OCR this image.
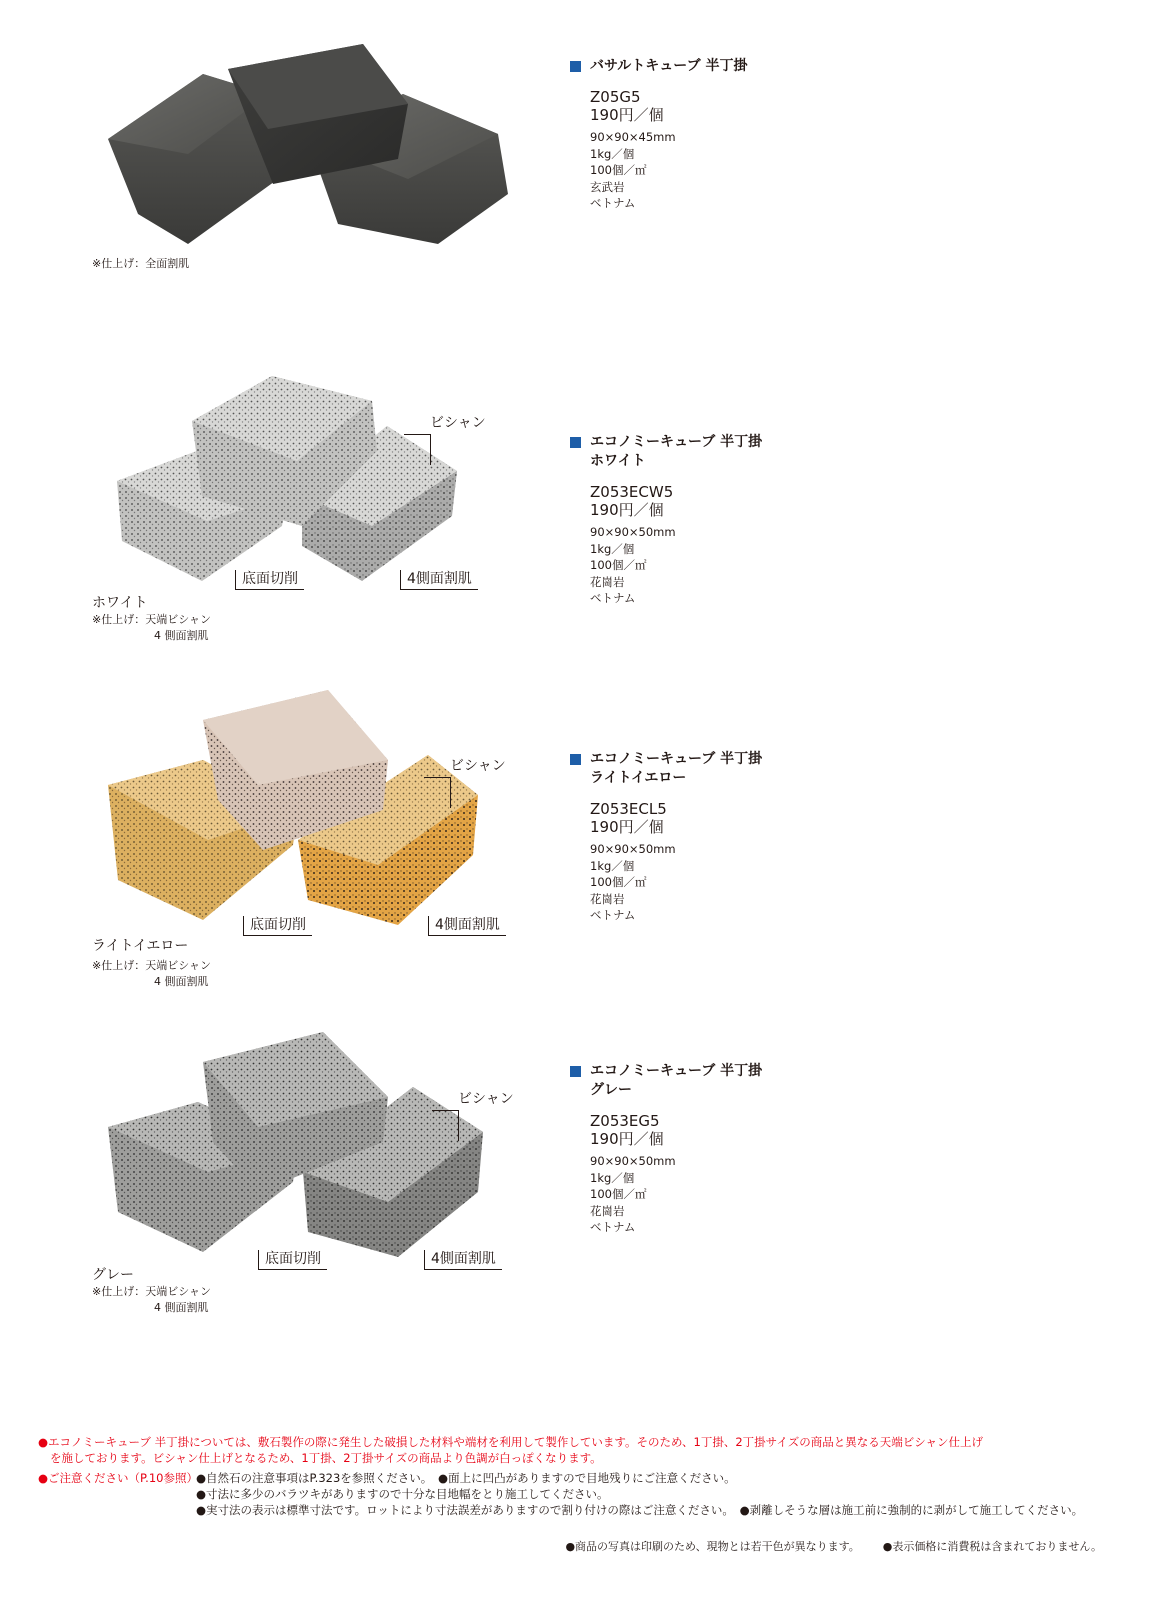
※仕上げ：全面割肌
バサルトキューブ 半丁掛
Z05G5
190円／個
90×90×45mm
1kg／個
100個／㎡
玄武岩
ベトナム
ビシャン
底面切削	4側面割肌
ホワイト
※仕上げ：天端ビシャン
4 側面割肌
エコノミーキューブ 半丁掛
ホワイト
Z053ECW5
190円／個
90×90×50mm
1kg／個
100個／㎡
花崗岩
ベトナム
ビシャン
底面切削	4側面割肌
ライトイエロー
※仕上げ：天端ビシャン
4 側面割肌
エコノミーキューブ 半丁掛
ライトイエロー
Z053ECL5
190円／個
90×90×50mm
1kg／個
100個／㎡
花崗岩
ベトナム
ビシャン
底面切削	4側面割肌
グレー
※仕上げ：天端ビシャン
4 側面割肌
エコノミーキューブ 半丁掛
グレー
Z053EG5
190円／個
90×90×50mm
1kg／個
100個／㎡
花崗岩
ベトナム
●エコノミーキューブ 半丁掛については、敷石製作の際に発生した破損した材料や端材を利用して製作しています。そのため、1丁掛、2丁掛サイズの商品と異なる天端ビシャン仕上げ
を施しております。ビシャン仕上げとなるため、1丁掛、2丁掛サイズの商品より色調が白っぽくなります。
●ご注意ください（P.10参照）
●自然石の注意事項はP.323を参照ください。　●面上に凹凸がありますので目地残りにご注意ください。
●寸法に多少のバラツキがありますので十分な目地幅をとり施工してください。
●実寸法の表示は標準寸法です。ロットにより寸法誤差がありますので割り付けの際はご注意ください。　●剥離しそうな層は施工前に強制的に剥がして施工してください。
●商品の写真は印刷のため、現物とは若干色が異なります。 ●表示価格に消費税は含まれておりません。
